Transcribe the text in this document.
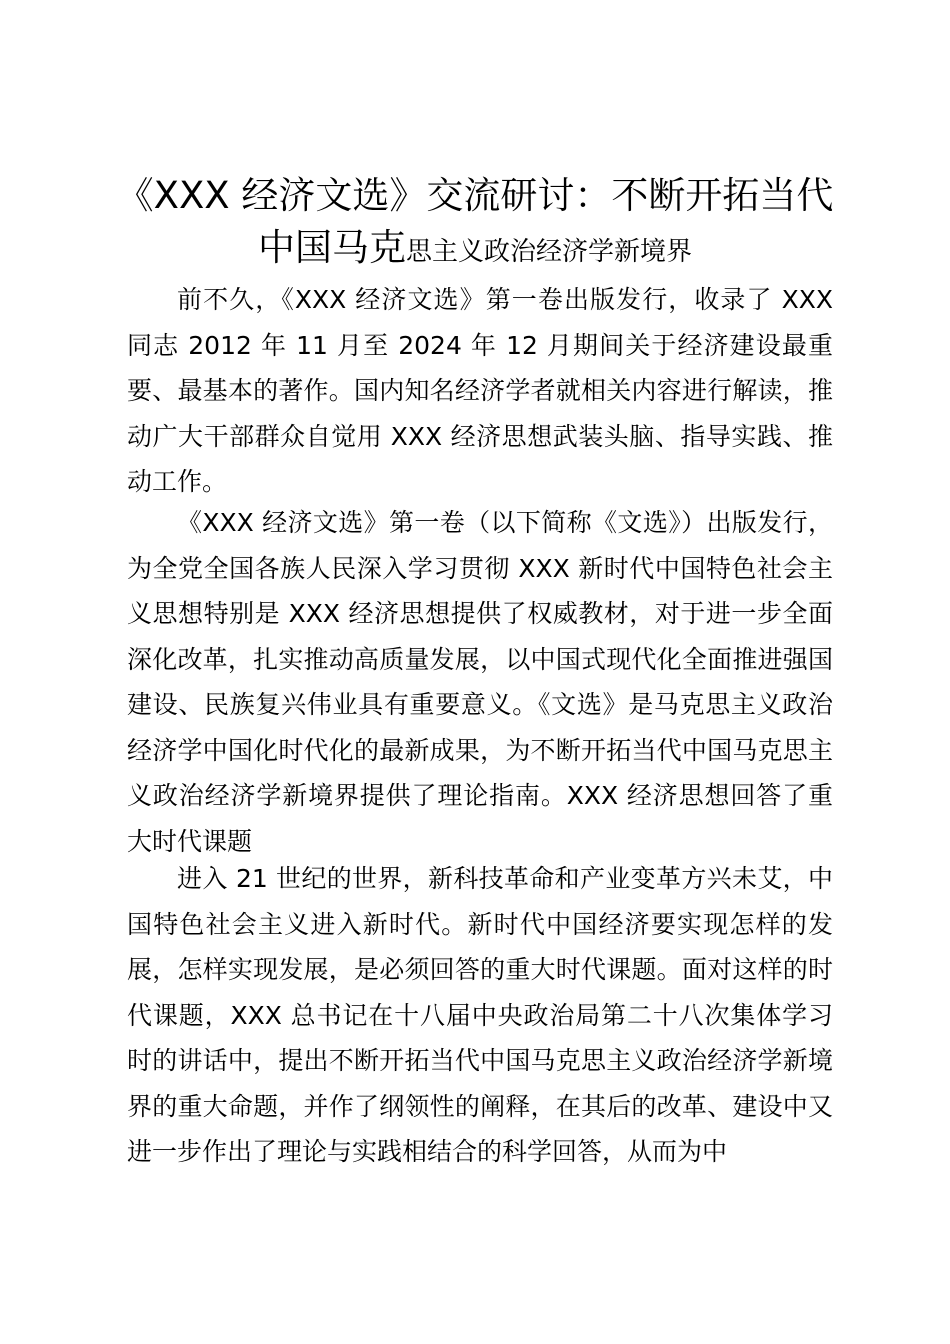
《XXX 经济文选》交流研讨：不断开拓当代
中国马克思主义政治经济学新境界

前不久，《XXX 经济文选》第一卷出版发行，收录了 XXX 同志 2012 年 11 月至 2024 年 12 月期间关于经济建设最重要、最基本的著作。国内知名经济学者就相关内容进行解读，推动广大干部群众自觉用 XXX 经济思想武装头脑、指导实践、推动工作。

《XXX 经济文选》第一卷（以下简称《文选》）出版发行，为全党全国各族人民深入学习贯彻 XXX 新时代中国特色社会主义思想特别是 XXX 经济思想提供了权威教材，对于进一步全面深化改革，扎实推动高质量发展，以中国式现代化全面推进强国建设、民族复兴伟业具有重要意义。《文选》是马克思主义政治经济学中国化时代化的最新成果，为不断开拓当代中国马克思主义政治经济学新境界提供了理论指南。XXX 经济思想回答了重大时代课题

进入 21 世纪的世界，新科技革命和产业变革方兴未艾，中国特色社会主义进入新时代。新时代中国经济要实现怎样的发展，怎样实现发展，是必须回答的重大时代课题。面对这样的时代课题，XXX 总书记在十八届中央政治局第二十八次集体学习时的讲话中，提出不断开拓当代中国马克思主义政治经济学新境界的重大命题，并作了纲领性的阐释，在其后的改革、建设中又进一步作出了理论与实践相结合的科学回答，从而为中
